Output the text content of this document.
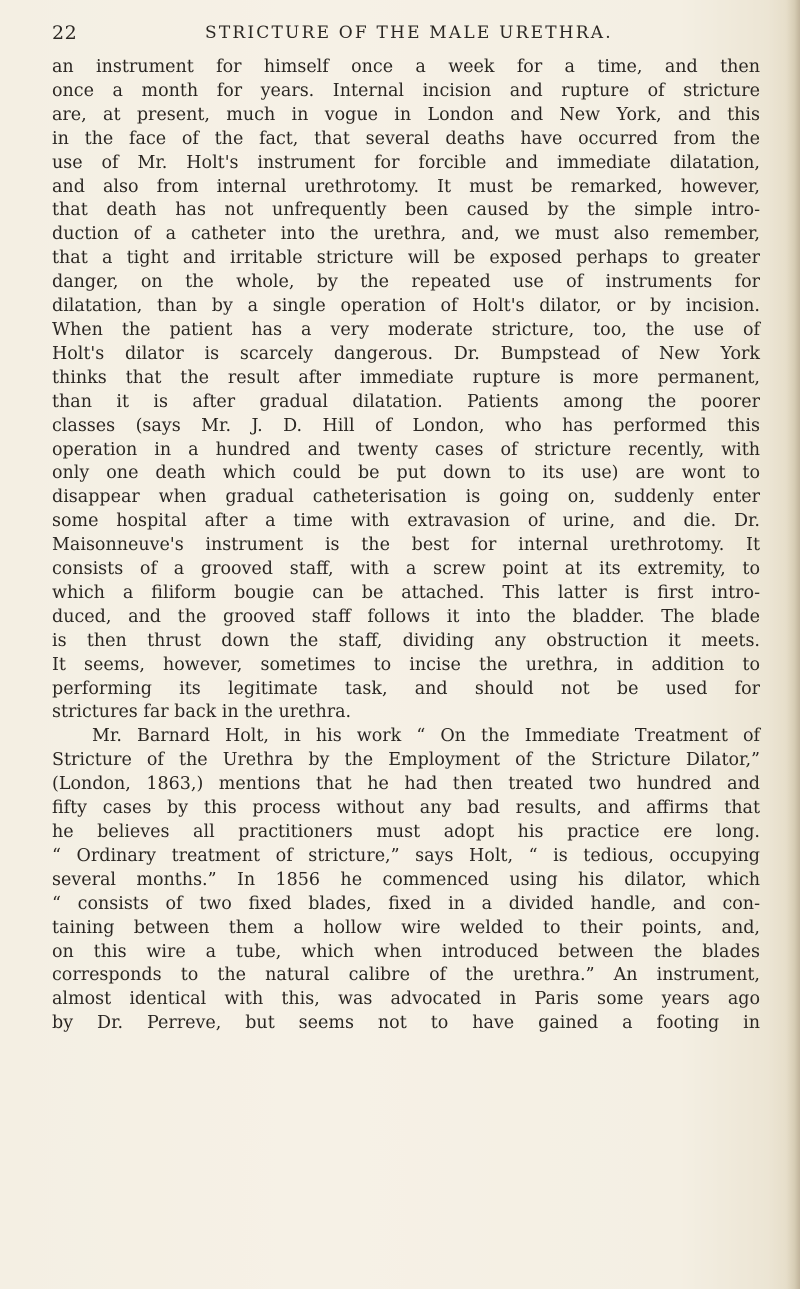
22	STRICTURE OF THE MALE URETHRA.
an instrument for himself once a week for a time, and then
once a month for years. Internal incision and rupture of stricture
are, at present, much in vogue in London and New York, and this
in the face of the fact, that several deaths have occurred from the
use of Mr. Holt's instrument for forcible and immediate dilatation,
and also from internal urethrotomy. It must be remarked, however,
that death has not unfrequently been caused by the simple intro-
duction of a catheter into the urethra, and, we must also remember,
that a tight and irritable stricture will be exposed perhaps to greater
danger, on the whole, by the repeated use of instruments for
dilatation, than by a single operation of Holt's dilator, or by incision.
When the patient has a very moderate stricture, too, the use of
Holt's dilator is scarcely dangerous. Dr. Bumpstead of New York
thinks that the result after immediate rupture is more permanent,
than it is after gradual dilatation. Patients among the poorer
classes (says Mr. J. D. Hill of London, who has performed this
operation in a hundred and twenty cases of stricture recently, with
only one death which could be put down to its use) are wont to
disappear when gradual catheterisation is going on, suddenly enter
some hospital after a time with extravasion of urine, and die. Dr.
Maisonneuve's instrument is the best for internal urethrotomy. It
consists of a grooved staff, with a screw point at its extremity, to
which a filiform bougie can be attached. This latter is first intro-
duced, and the grooved staff follows it into the bladder. The blade
is then thrust down the staff, dividing any obstruction it meets.
It seems, however, sometimes to incise the urethra, in addition to
performing its legitimate task, and should not be used for
strictures far back in the urethra.
Mr. Barnard Holt, in his work “ On the Immediate Treatment of
Stricture of the Urethra by the Employment of the Stricture Dilator,”
(London, 1863,) mentions that he had then treated two hundred and
fifty cases by this process without any bad results, and affirms that
he believes all practitioners must adopt his practice ere long.
“ Ordinary treatment of stricture,” says Holt, “ is tedious, occupying
several months.” In 1856 he commenced using his dilator, which
“ consists of two fixed blades, fixed in a divided handle, and con-
taining between them a hollow wire welded to their points, and,
on this wire a tube, which when introduced between the blades
corresponds to the natural calibre of the urethra.” An instrument,
almost identical with this, was advocated in Paris some years ago
by Dr. Perreve, but seems not to have gained a footing in
